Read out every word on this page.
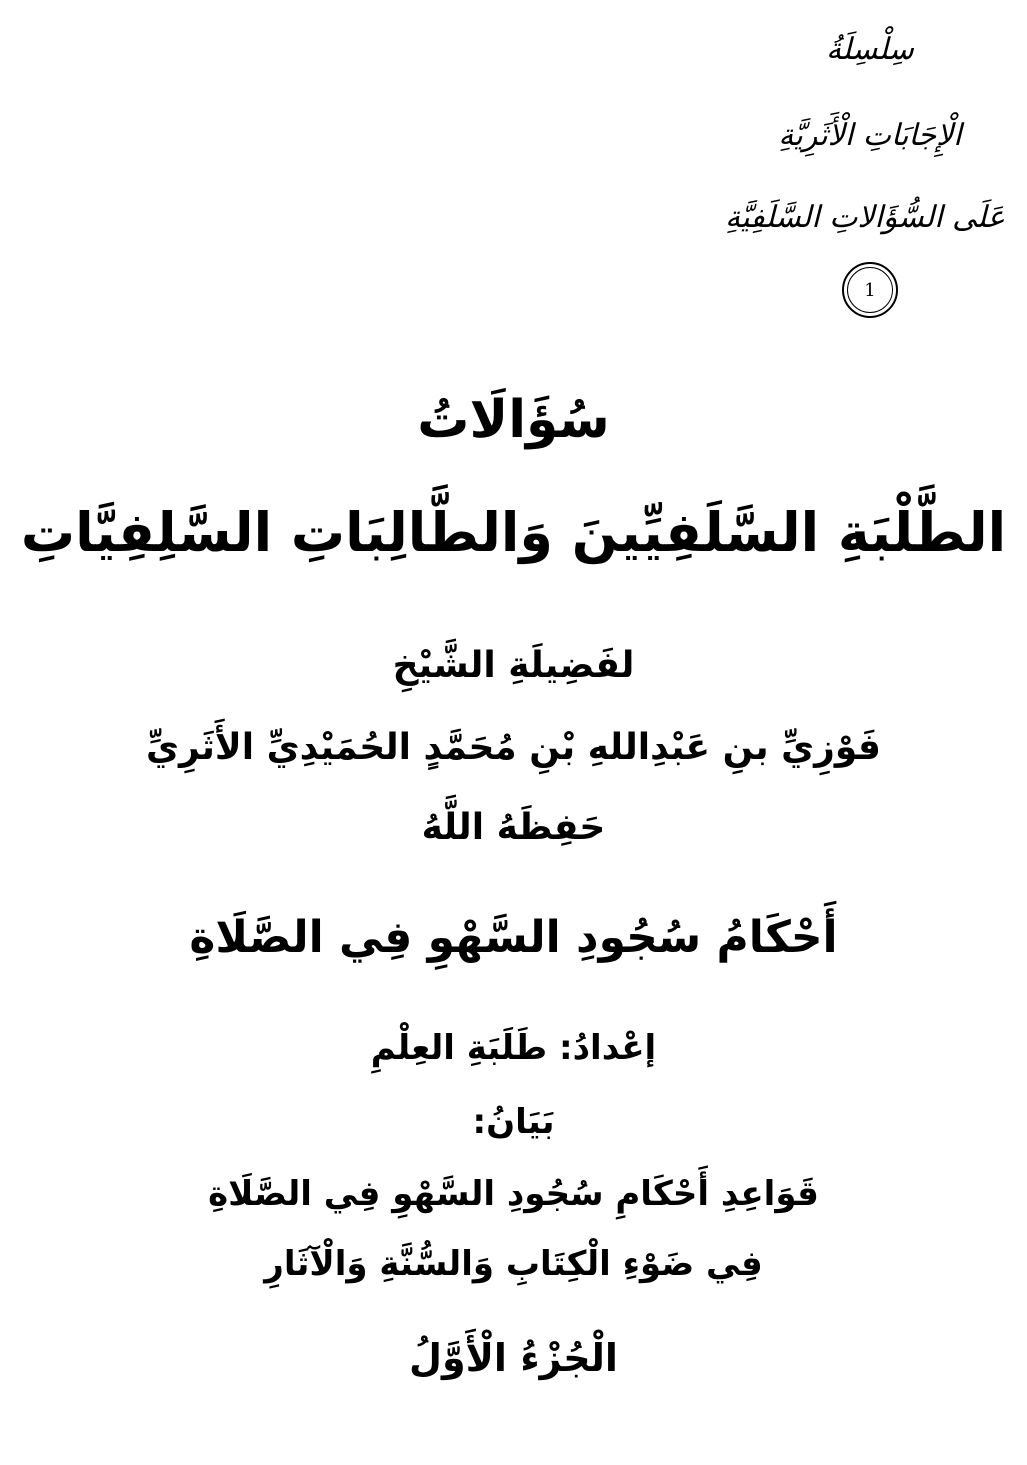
سِلْسِلَةُ
الْإِجَابَاتِ الْأَثَرِيَّةِ
عَلَى السُّؤَالاتِ السَّلَفِيَّةِ
1
سُؤَالَاتُ
الطَّلْبَةِ السَّلَفِيِّينَ وَالطَّالِبَاتِ السَّلِفِيَّاتِ
لفَضِيلَةِ الشَّيْخِ
فَوْزِيِّ بنِ عَبْدِاللهِ بْنِ مُحَمَّدٍ الحُمَيْدِيِّ الأَثَرِيِّ
حَفِظَهُ اللَّهُ
أَحْكَامُ سُجُودِ السَّهْوِ فِي الصَّلَاةِ
إعْدادُ: طَلَبَةِ العِلْمِ
بَيَانُ:
قَوَاعِدِ أَحْكَامِ سُجُودِ السَّهْوِ فِي الصَّلَاةِ
فِي ضَوْءِ الْكِتَابِ وَالسُّنَّةِ وَالْآثَارِ
الْجُزْءُ الْأَوَّلُ
